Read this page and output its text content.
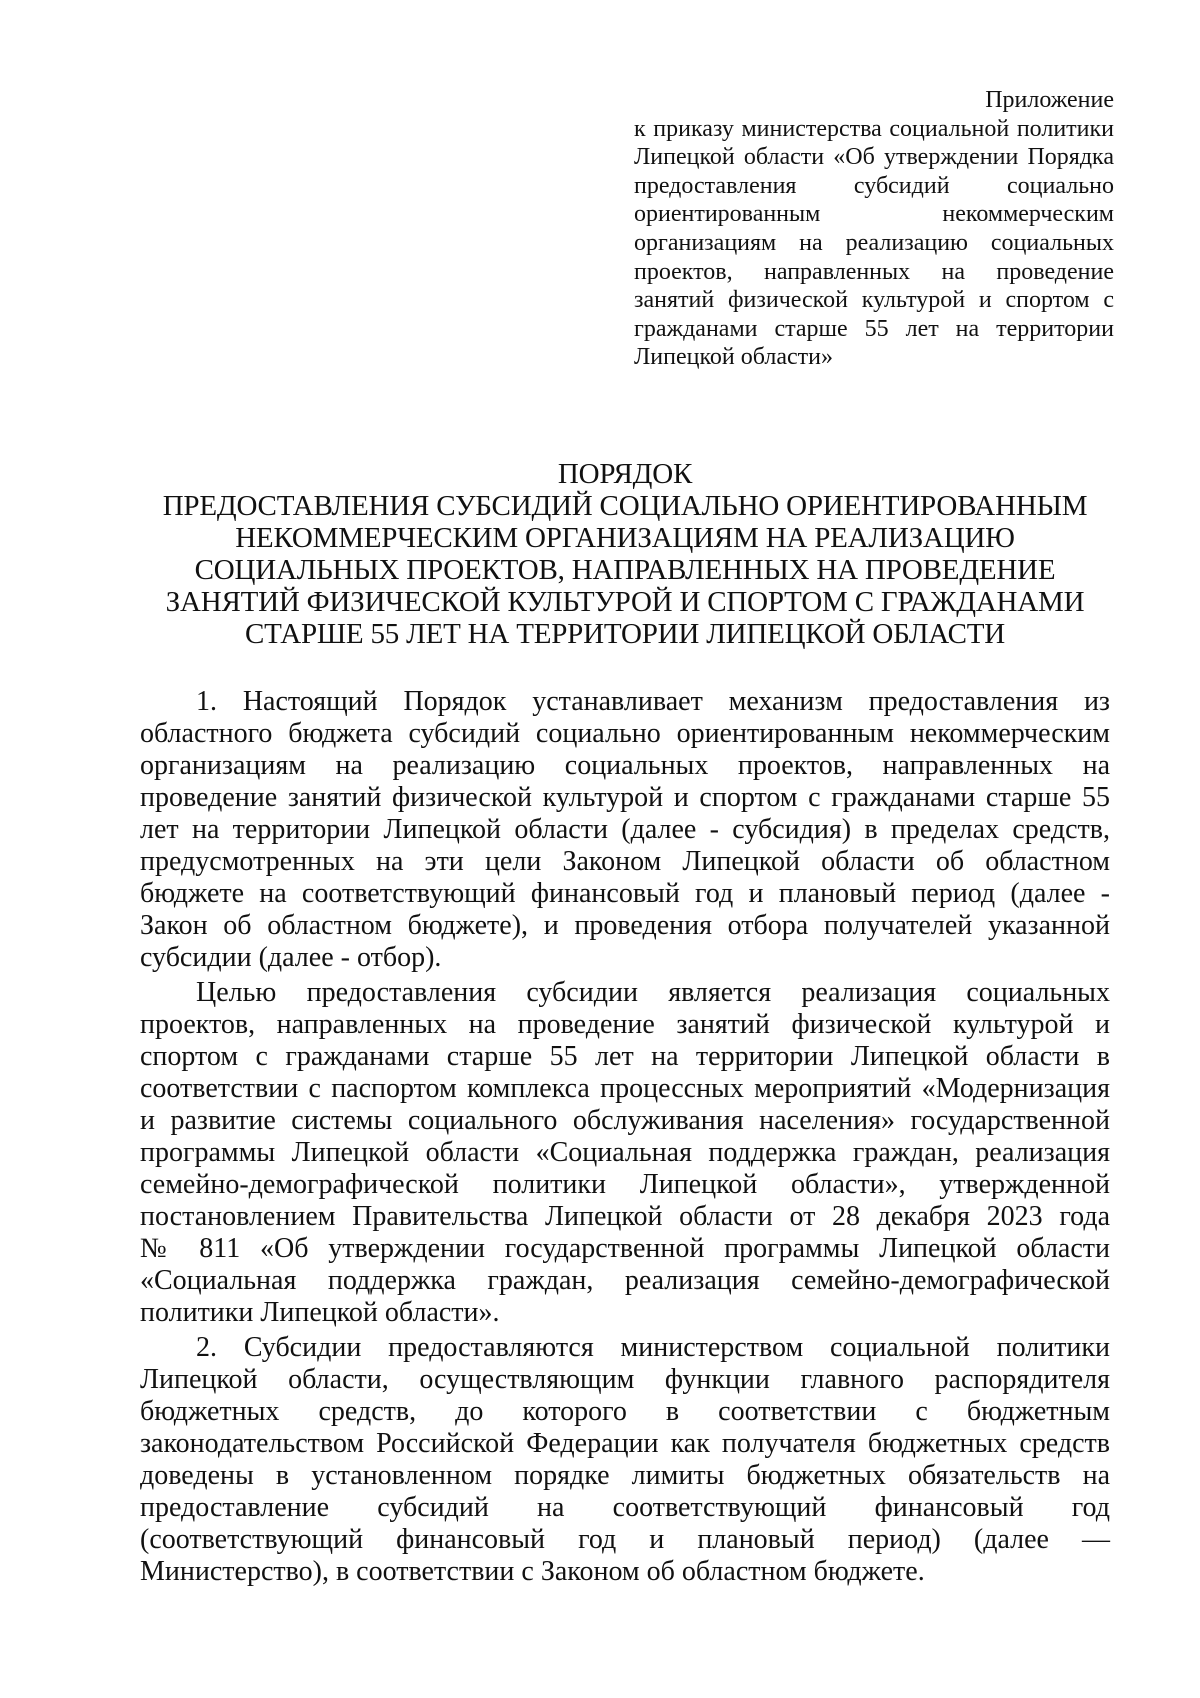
Приложение
к приказу министерства социальной политики
Липецкой области «Об утверждении Порядка
предоставления субсидий социально
ориентированным некоммерческим
организациям на реализацию социальных
проектов, направленных на проведение
занятий физической культурой и спортом с
гражданами старше 55 лет на территории
Липецкой области»
ПОРЯДОК
ПРЕДОСТАВЛЕНИЯ СУБСИДИЙ СОЦИАЛЬНО ОРИЕНТИРОВАННЫМ
НЕКОММЕРЧЕСКИМ ОРГАНИЗАЦИЯМ НА РЕАЛИЗАЦИЮ
СОЦИАЛЬНЫХ ПРОЕКТОВ, НАПРАВЛЕННЫХ НА ПРОВЕДЕНИЕ
ЗАНЯТИЙ ФИЗИЧЕСКОЙ КУЛЬТУРОЙ И СПОРТОМ С ГРАЖДАНАМИ
СТАРШЕ 55 ЛЕТ НА ТЕРРИТОРИИ ЛИПЕЦКОЙ ОБЛАСТИ
1. Настоящий Порядок устанавливает механизм предоставления из
областного бюджета субсидий социально ориентированным некоммерческим
организациям на реализацию социальных проектов, направленных на
проведение занятий физической культурой и спортом с гражданами старше 55
лет на территории Липецкой области (далее - субсидия) в пределах средств,
предусмотренных на эти цели Законом Липецкой области об областном
бюджете на соответствующий финансовый год и плановый период (далее -
Закон об областном бюджете), и проведения отбора получателей указанной
субсидии (далее - отбор).
Целью предоставления субсидии является реализация социальных
проектов, направленных на проведение занятий физической культурой и
спортом с гражданами старше 55 лет на территории Липецкой области в
соответствии с паспортом комплекса процессных мероприятий «Модернизация
и развитие системы социального обслуживания населения» государственной
программы Липецкой области «Социальная поддержка граждан, реализация
семейно-демографической политики Липецкой области», утвержденной
постановлением Правительства Липецкой области от 28 декабря 2023 года
№ 811 «Об утверждении государственной программы Липецкой области
«Социальная поддержка граждан, реализация семейно-демографической
политики Липецкой области».
2. Субсидии предоставляются министерством социальной политики
Липецкой области, осуществляющим функции главного распорядителя
бюджетных средств, до которого в соответствии с бюджетным
законодательством Российской Федерации как получателя бюджетных средств
доведены в установленном порядке лимиты бюджетных обязательств на
предоставление субсидий на соответствующий финансовый год
(соответствующий финансовый год и плановый период) (далее —
Министерство), в соответствии с Законом об областном бюджете.
